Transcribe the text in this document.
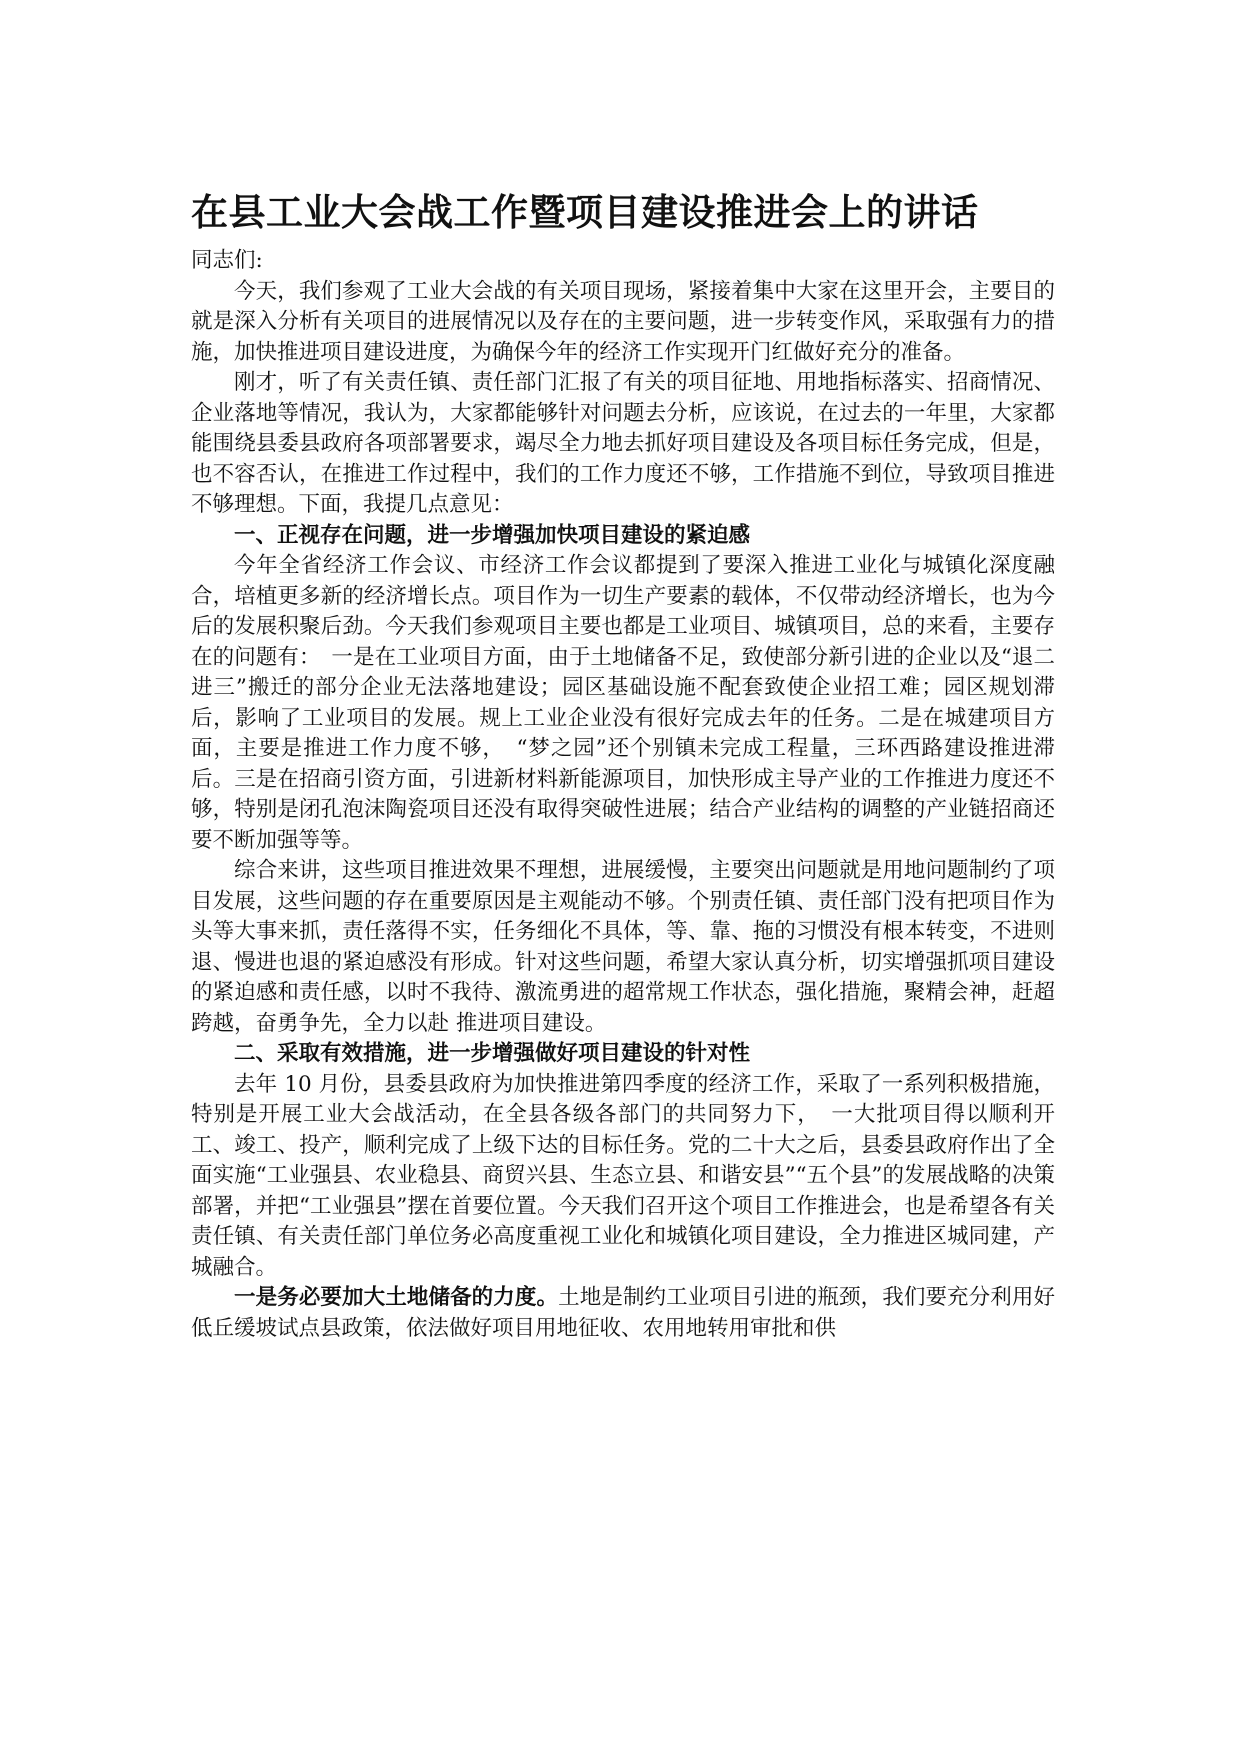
在县工业大会战工作暨项目建设推进会上的讲话

同志们:

今天，我们参观了工业大会战的有关项目现场，紧接着集中大家在这里开会，主要目的就是深入分析有关项目的进展情况以及存在的主要问题，进一步转变作风，采取强有力的措施，加快推进项目建设进度，为确保今年的经济工作实现开门红做好充分的准备。

刚才，听了有关责任镇、责任部门汇报了有关的项目征地、用地指标落实、招商情况、企业落地等情况，我认为，大家都能够针对问题去分析，应该说，在过去的一年里，大家都能围绕县委县政府各项部署要求，竭尽全力地去抓好项目建设及各项目标任务完成，但是，也不容否认，在推进工作过程中，我们的工作力度还不够，工作措施不到位，导致项目推进不够理想。下面，我提几点意见：

一、正视存在问题，进一步增强加快项目建设的紧迫感

今年全省经济工作会议、市经济工作会议都提到了要深入推进工业化与城镇化深度融合，培植更多新的经济增长点。项目作为一切生产要素的载体，不仅带动经济增长，也为今后的发展积聚后劲。今天我们参观项目主要也都是工业项目、城镇项目，总的来看，主要存在的问题有：　一是在工业项目方面，由于土地储备不足，致使部分新引进的企业以及“退二进三”搬迁的部分企业无法落地建设；园区基础设施不配套致使企业招工难；园区规划滞后，影响了工业项目的发展。规上工业企业没有很好完成去年的任务。二是在城建项目方面，主要是推进工作力度不够，　“梦之园”还个别镇未完成工程量，三环西路建设推进滞后。三是在招商引资方面，引进新材料新能源项目，加快形成主导产业的工作推进力度还不够，特别是闭孔泡沫陶瓷项目还没有取得突破性进展；结合产业结构的调整的产业链招商还要不断加强等等。

综合来讲，这些项目推进效果不理想，进展缓慢，主要突出问题就是用地问题制约了项目发展，这些问题的存在重要原因是主观能动不够。个别责任镇、责任部门没有把项目作为头等大事来抓，责任落得不实，任务细化不具体，等、靠、拖的习惯没有根本转变，不进则退、慢进也退的紧迫感没有形成。针对这些问题，希望大家认真分析，切实增强抓项目建设的紧迫感和责任感，以时不我待、激流勇进的超常规工作状态，强化措施，聚精会神，赶超跨越，奋勇争先，全力以赴 推进项目建设。

二、采取有效措施，进一步增强做好项目建设的针对性

去年 10 月份，县委县政府为加快推进第四季度的经济工作，采取了一系列积极措施，特别是开展工业大会战活动，在全县各级各部门的共同努力下，　一大批项目得以顺利开工、竣工、投产，顺利完成了上级下达的目标任务。党的二十大之后，县委县政府作出了全面实施“工业强县、农业稳县、商贸兴县、生态立县、和谐安县”“五个县”的发展战略的决策部署，并把“工业强县”摆在首要位置。今天我们召开这个项目工作推进会，也是希望各有关责任镇、有关责任部门单位务必高度重视工业化和城镇化项目建设，全力推进区城同建，产城融合。

一是务必要加大土地储备的力度。土地是制约工业项目引进的瓶颈，我们要充分利用好低丘缓坡试点县政策，依法做好项目用地征收、农用地转用审批和供
